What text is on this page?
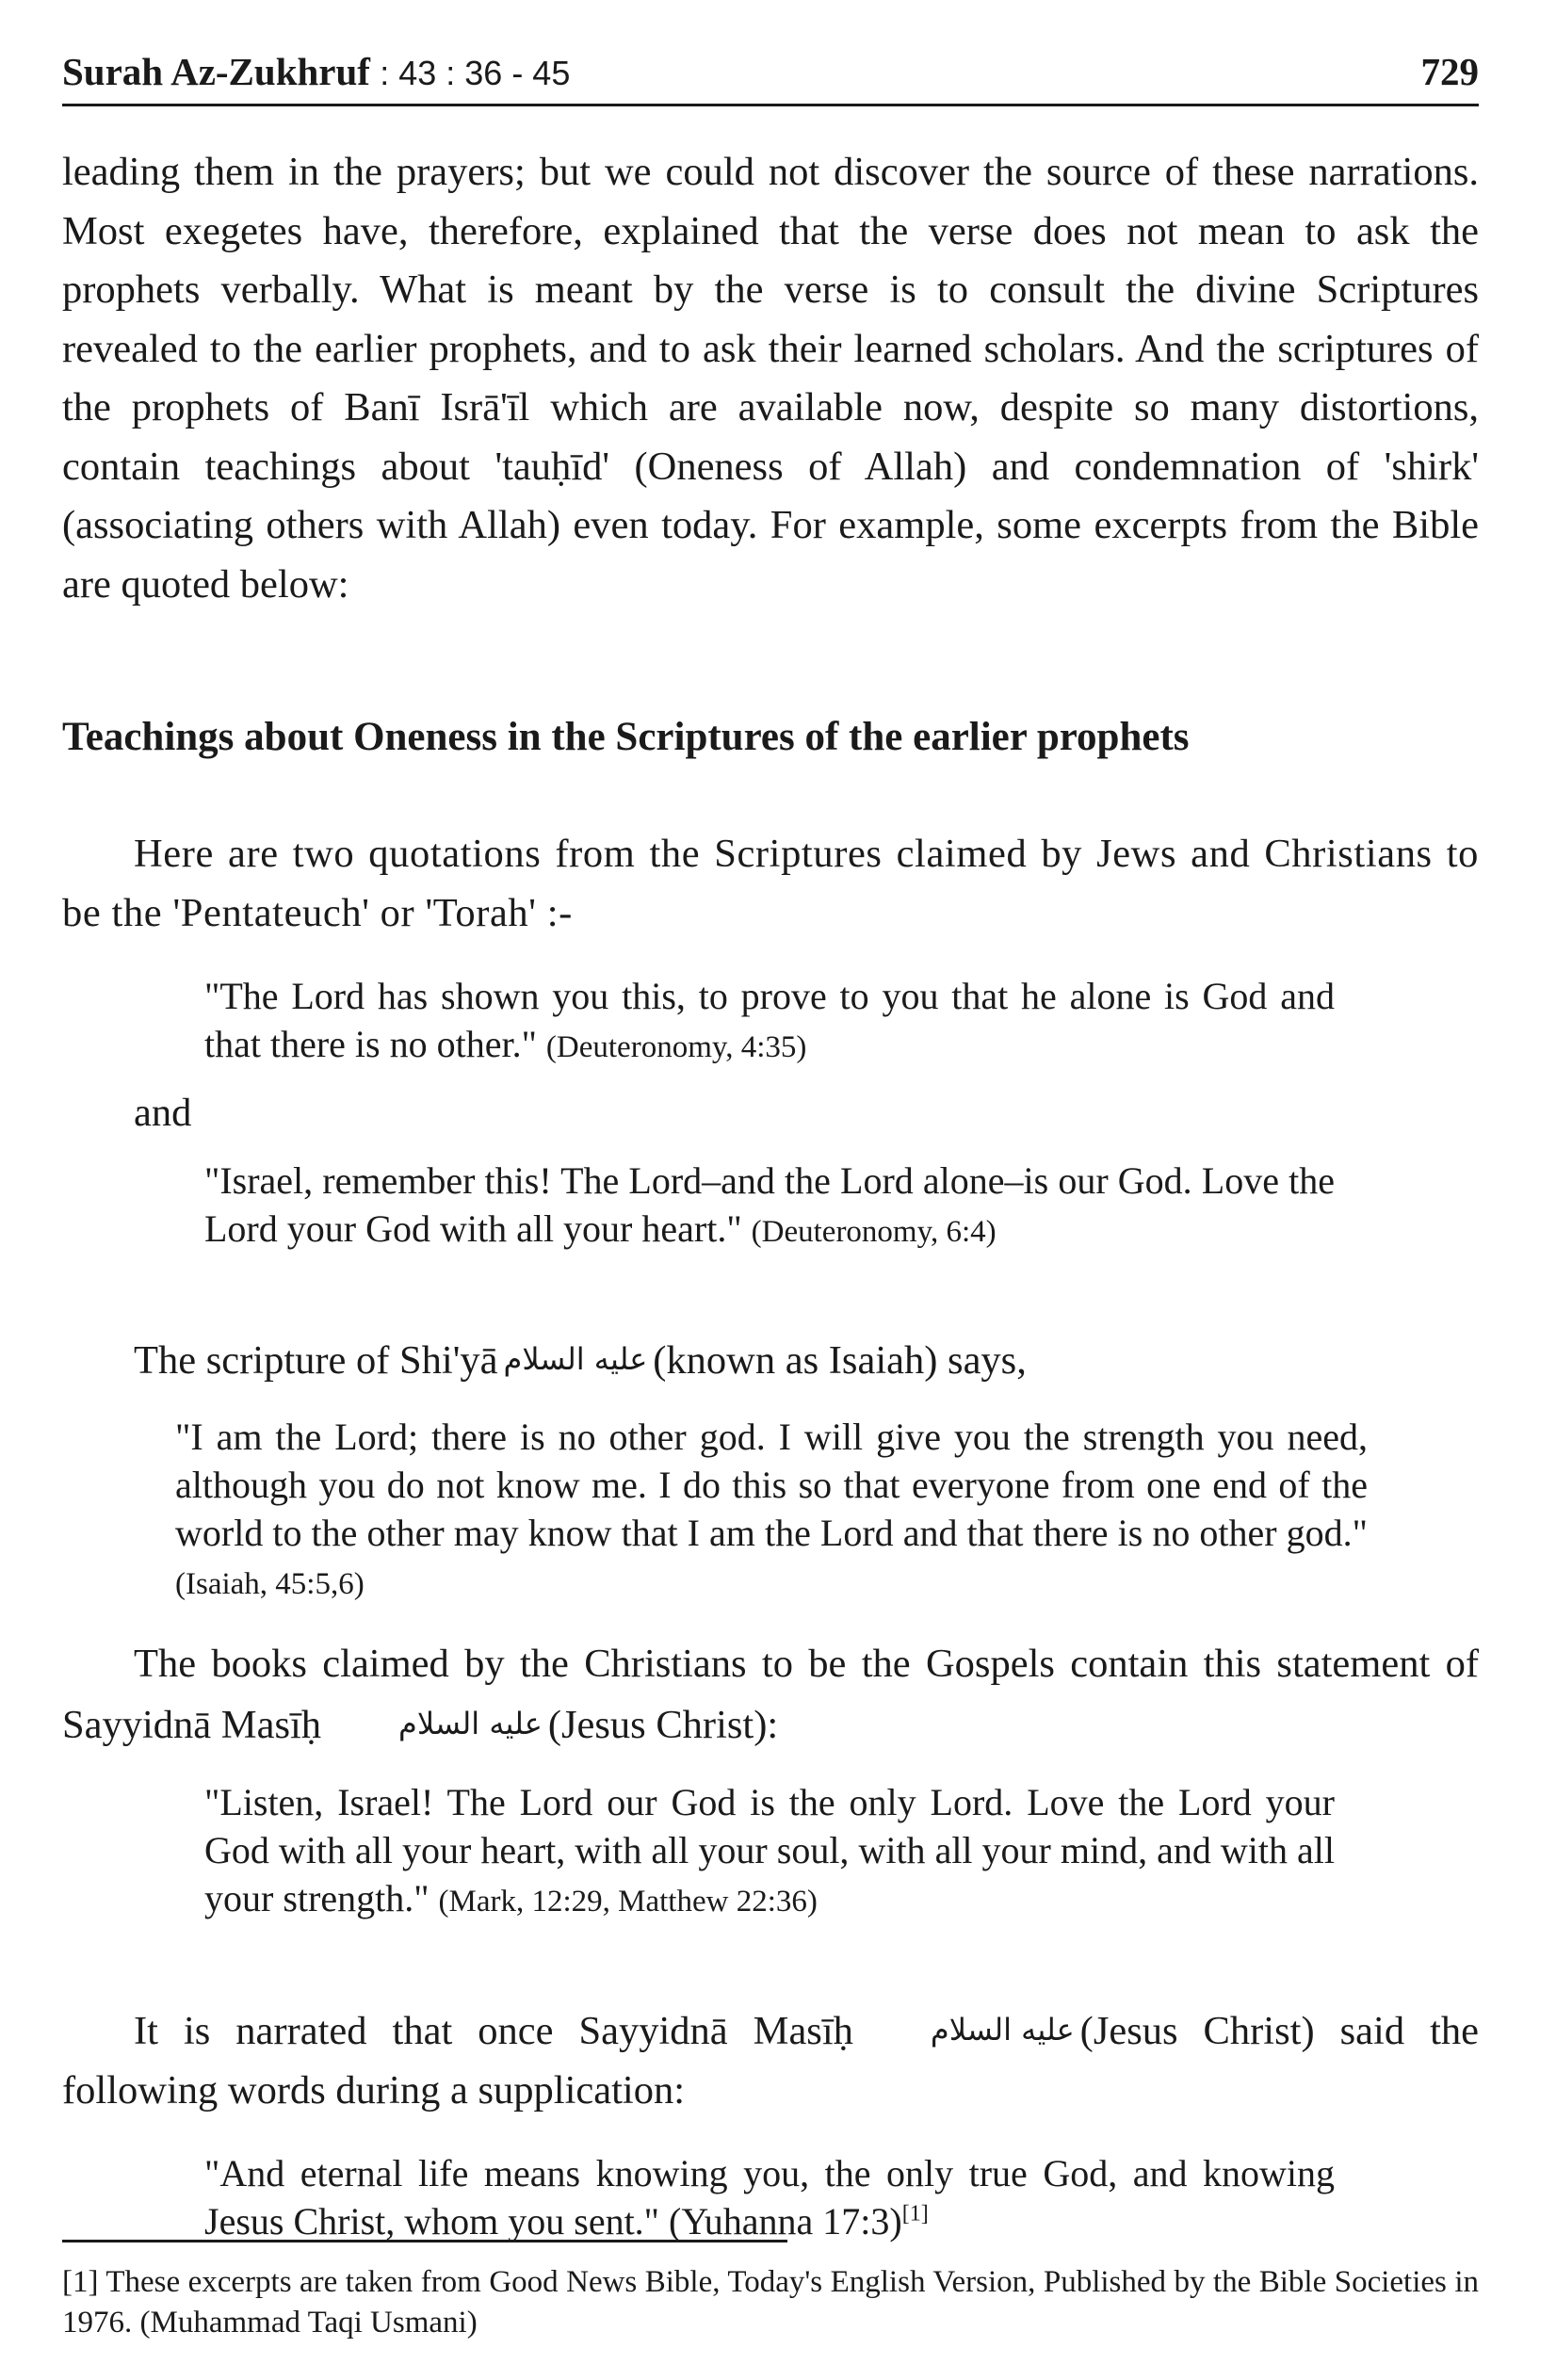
Surah Az-Zukhruf : 43 : 36 - 45	729

leading them in the prayers; but we could not discover the source of these narrations. Most exegetes have, therefore, explained that the verse does not mean to ask the prophets verbally. What is meant by the verse is to consult the divine Scriptures revealed to the earlier prophets, and to ask their learned scholars. And the scriptures of the prophets of Banī Isrā'īl which are available now, despite so many distortions, contain teachings about 'tauḥīd' (Oneness of Allah) and condemnation of 'shirk' (associating others with Allah) even today. For example, some excerpts from the Bible are quoted below:

Teachings about Oneness in the Scriptures of the earlier prophets

Here are two quotations from the Scriptures claimed by Jews and Christians to be the 'Pentateuch' or 'Torah' :-

"The Lord has shown you this, to prove to you that he alone is God and that there is no other." (Deuteronomy, 4:35)

and

"Israel, remember this! The Lord–and the Lord alone–is our God. Love the Lord your God with all your heart." (Deuteronomy, 6:4)

The scripture of Shi'yā عليه السلام (known as Isaiah) says,

"I am the Lord; there is no other god. I will give you the strength you need, although you do not know me. I do this so that everyone from one end of the world to the other may know that I am the Lord and that there is no other god." (Isaiah, 45:5,6)

The books claimed by the Christians to be the Gospels contain this statement of Sayyidnā Masīḥ	عليه السلام (Jesus Christ):

"Listen, Israel! The Lord our God is the only Lord. Love the Lord your God with all your heart, with all your soul, with all your mind, and with all your strength." (Mark, 12:29, Matthew 22:36)

It is narrated that once Sayyidnā Masīḥ	عليه السلام (Jesus Christ) said the following words during a supplication:

"And eternal life means knowing you, the only true God, and knowing Jesus Christ, whom you sent." (Yuhanna 17:3)[1]

[1] These excerpts are taken from Good News Bible, Today's English Version, Published by the Bible Societies in 1976. (Muhammad Taqi Usmani)
